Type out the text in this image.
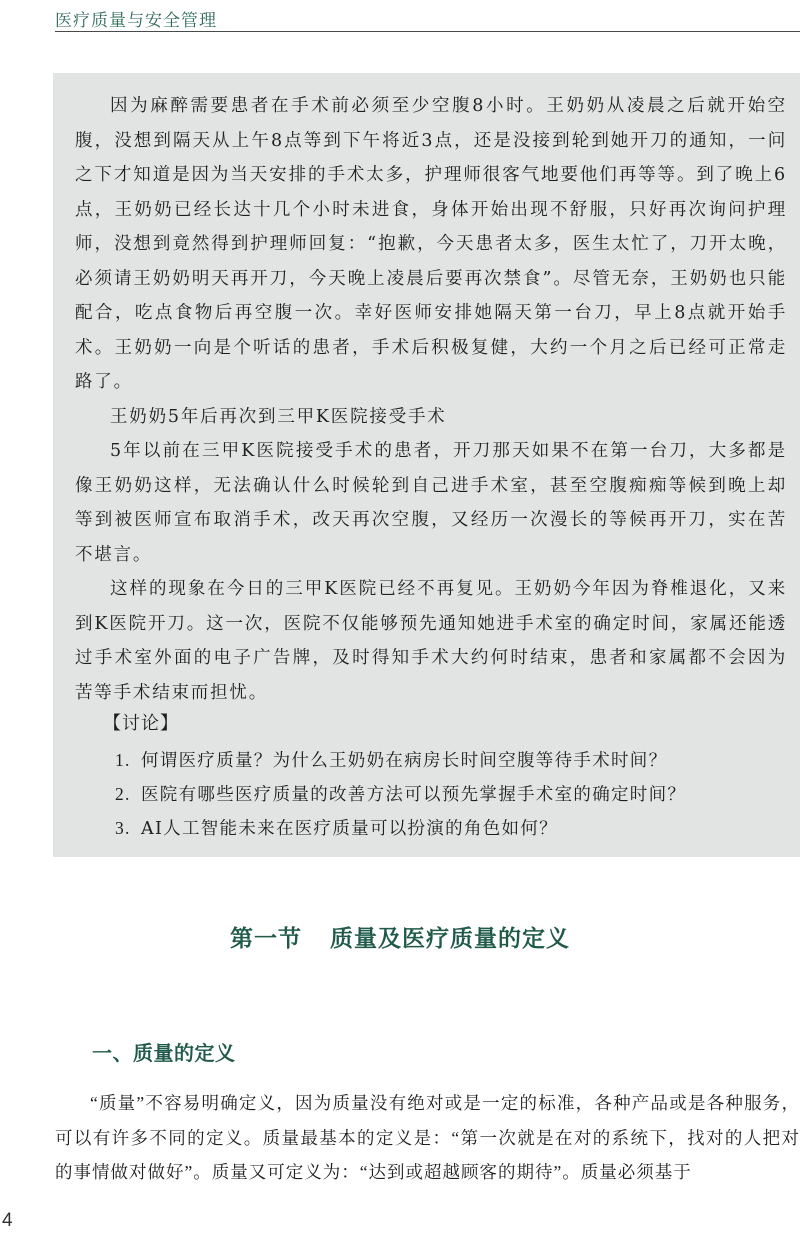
医疗质量与安全管理

因为麻醉需要患者在手术前必须至少空腹8小时。王奶奶从凌晨之后就开始空腹，没想到隔天从上午8点等到下午将近3点，还是没接到轮到她开刀的通知，一问之下才知道是因为当天安排的手术太多，护理师很客气地要他们再等等。到了晚上6点，王奶奶已经长达十几个小时未进食，身体开始出现不舒服，只好再次询问护理师，没想到竟然得到护理师回复：“抱歉，今天患者太多，医生太忙了，刀开太晚，必须请王奶奶明天再开刀，今天晚上凌晨后要再次禁食”。尽管无奈，王奶奶也只能配合，吃点食物后再空腹一次。幸好医师安排她隔天第一台刀，早上8点就开始手术。王奶奶一向是个听话的患者，手术后积极复健，大约一个月之后已经可正常走路了。

王奶奶5年后再次到三甲K医院接受手术

5年以前在三甲K医院接受手术的患者，开刀那天如果不在第一台刀，大多都是像王奶奶这样，无法确认什么时候轮到自己进手术室，甚至空腹痴痴等候到晚上却等到被医师宣布取消手术，改天再次空腹，又经历一次漫长的等候再开刀，实在苦不堪言。

这样的现象在今日的三甲K医院已经不再复见。王奶奶今年因为脊椎退化，又来到K医院开刀。这一次，医院不仅能够预先通知她进手术室的确定时间，家属还能透过手术室外面的电子广告牌，及时得知手术大约何时结束，患者和家属都不会因为苦等手术结束而担忧。

【讨论】
1. 何谓医疗质量？为什么王奶奶在病房长时间空腹等待手术时间？
2. 医院有哪些医疗质量的改善方法可以预先掌握手术室的确定时间？
3. AI人工智能未来在医疗质量可以扮演的角色如何？
第一节 质量及医疗质量的定义
一、质量的定义

“质量”不容易明确定义，因为质量没有绝对或是一定的标准，各种产品或是各种服务，可以有许多不同的定义。质量最基本的定义是：“第一次就是在对的系统下，找对的人把对的事情做对做好”。质量又可定义为：“达到或超越顾客的期待”。质量必须基于

4
